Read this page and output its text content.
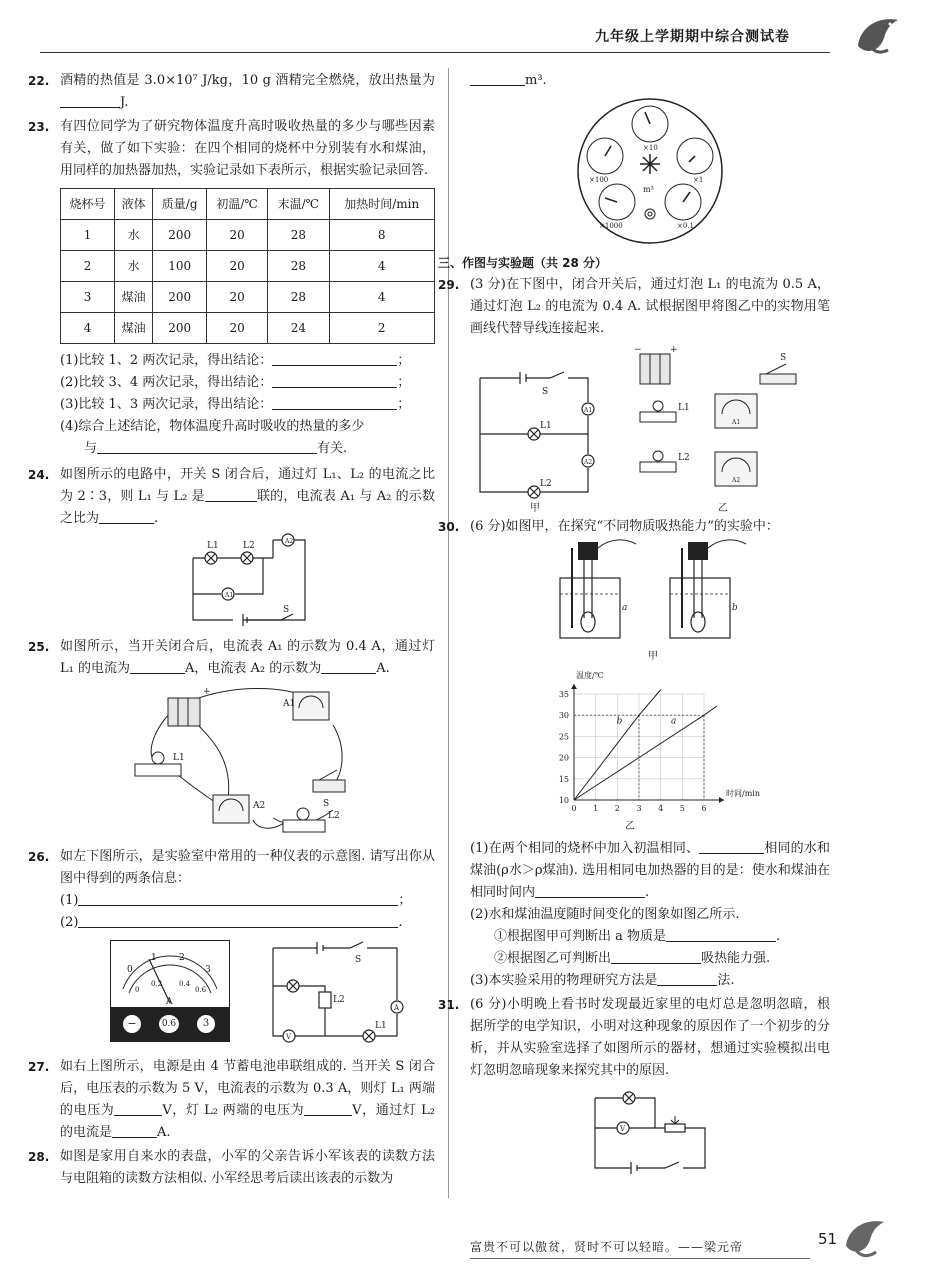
九年级上学期期中综合测试卷
22. 酒精的热值是 3.0×10⁷ J/kg，10 g 酒精完全燃烧，放出热量为J.
23. 有四位同学为了研究物体温度升高时吸收热量的多少与哪些因素有关，做了如下实验：在四个相同的烧杯中分别装有水和煤油，用同样的加热器加热，实验记录如下表所示，根据实验记录回答.
烧杯号	液体	质量/g	初温/℃	末温/℃	加热时间/min
1	水	200	20	28	8
2	水	100	20	28	4
3	煤油	200	20	28	4
4	煤油	200	20	24	2
(1)比较 1、2 两次记录，得出结论：	；
(2)比较 3、4 两次记录，得出结论：	；
(3)比较 1、3 两次记录，得出结论：	；
(4)综合上述结论，物体温度升高时吸收的热量的多少
与	有关.
24. 如图所示的电路中，开关 S 闭合后，通过灯 L₁、L₂ 的电流之比为 2∶3，则 L₁ 与 L₂ 是	联的，电流表 A₁ 与 A₂ 的示数之比为	.
L1	L2	A2
A1
S
25. 如图所示，当开关闭合后，电流表 A₁ 的示数为 0.4 A，通过灯 L₁ 的电流为	A，电流表 A₂ 的示数为	A.
+
A1
L1
S
A2
L2
26. 如左下图所示，是实验室中常用的一种仪表的示意图. 请写出你从图中得到的两条信息：
(1)	；
(2)	.
0
1 2
3
0
0.2 0.4
0.6
A
−	0.6	3
A
V
S
L2
L1
27. 如右上图所示，电源是由 4 节蓄电池串联组成的. 当开关 S 闭合后，电压表的示数为 5 V，电流表的示数为 0.3 A，则灯 L₁ 两端的电压为	V，灯 L₂ 两端的电压为	V，通过灯 L₂ 的电流是	A.
28. 如图是家用自来水的表盘，小军的父亲告诉小军该表的读数方法与电阻箱的读数方法相似. 小军经思考后读出该表的示数为
m³.
×10
×100	×1
×1000	×0.1
m³
三、作图与实验题（共 28 分）
29. (3 分)在下图中，闭合开关后，通过灯泡 L₁ 的电流为 0.5 A，通过灯泡 L₂ 的电流为 0.4 A. 试根据图甲将图乙中的实物用笔画线代替导线连接起来.
S
L1
L2
A1
A2
−	+
S
L1
L2
A1
A2
甲	乙
30. (6 分)如图甲，在探究“不同物质吸热能力”的实验中：
a	b
甲
10
15
20
25
30
35
0 1 2 3 4 5 6
温度/℃
时间/min
b	a
乙
(1)在两个相同的烧杯中加入初温相同、	相同的水和煤油(ρ水＞ρ煤油). 选用相同电加热器的目的是：使水和煤油在相同时间内	.
(2)水和煤油温度随时间变化的图象如图乙所示.
①根据图甲可判断出 a 物质是	.
②根据图乙可判断出	吸热能力强.
(3)本实验采用的物理研究方法是	法.
31. (6 分)小明晚上看书时发现最近家里的电灯总是忽明忽暗，根据所学的电学知识，小明对这种现象的原因作了一个初步的分析，并从实验室选择了如图所示的器材，想通过实验模拟出电灯忽明忽暗现象来探究其中的原因.
V
51
富贵不可以傲贫，贤时不可以轻暗。——梁元帝
